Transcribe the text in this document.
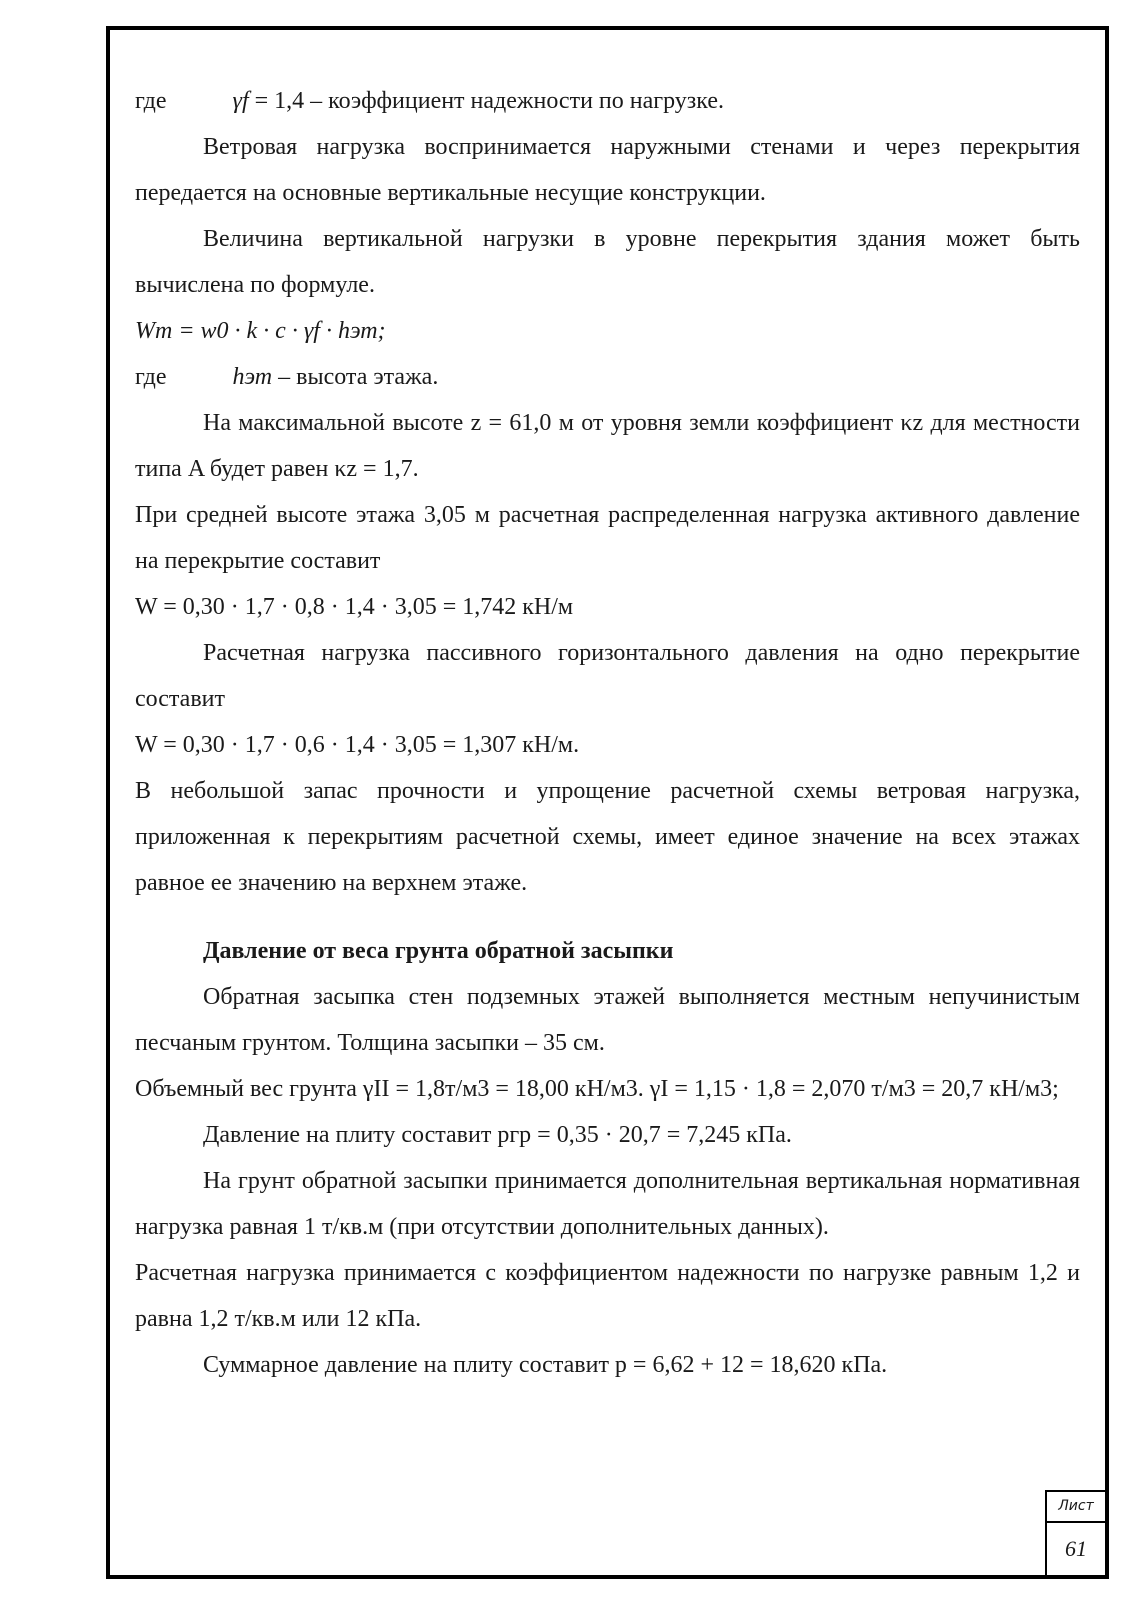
где	γf = 1,4 – коэффициент надежности по нагрузке.

Ветровая нагрузка воспринимается наружными стенами и через перекрытия передается на основные вертикальные несущие конструкции.

Величина вертикальной нагрузки в уровне перекрытия здания может быть вычислена по формуле.

Wm = w0 · k · c · γf · hэт;

где	hэт – высота этажа.

На максимальной высоте z = 61,0 м от уровня земли коэффициент κz для местности типа A будет равен κz = 1,7.

При средней высоте этажа 3,05 м расчетная распределенная нагрузка активного давление на перекрытие составит

W = 0,30 · 1,7 · 0,8 · 1,4 · 3,05 = 1,742 кН/м

Расчетная нагрузка пассивного горизонтального давления на одно перекрытие составит

W = 0,30 · 1,7 · 0,6 · 1,4 · 3,05 = 1,307 кН/м.

В небольшой запас прочности и упрощение расчетной схемы ветровая нагрузка, приложенная к перекрытиям расчетной схемы, имеет единое значение на всех этажах равное ее значению на верхнем этаже.

Давление от веса грунта обратной засыпки

Обратная засыпка стен подземных этажей выполняется местным непучинистым песчаным грунтом. Толщина засыпки – 35 см.

Объемный вес грунта γII = 1,8т/м3 = 18,00 кН/м3. γI = 1,15 · 1,8 = 2,070 т/м3 = 20,7 кН/м3;

Давление на плиту составит pгр = 0,35 · 20,7 = 7,245 кПа.

На грунт обратной засыпки принимается дополнительная вертикальная нормативная нагрузка равная 1 т/кв.м (при отсутствии дополнительных данных).

Расчетная нагрузка принимается с коэффициентом надежности по нагрузке равным 1,2 и равна 1,2 т/кв.м или 12 кПа.

Суммарное давление на плиту составит p = 6,62 + 12 = 18,620 кПа.

Лист
61
